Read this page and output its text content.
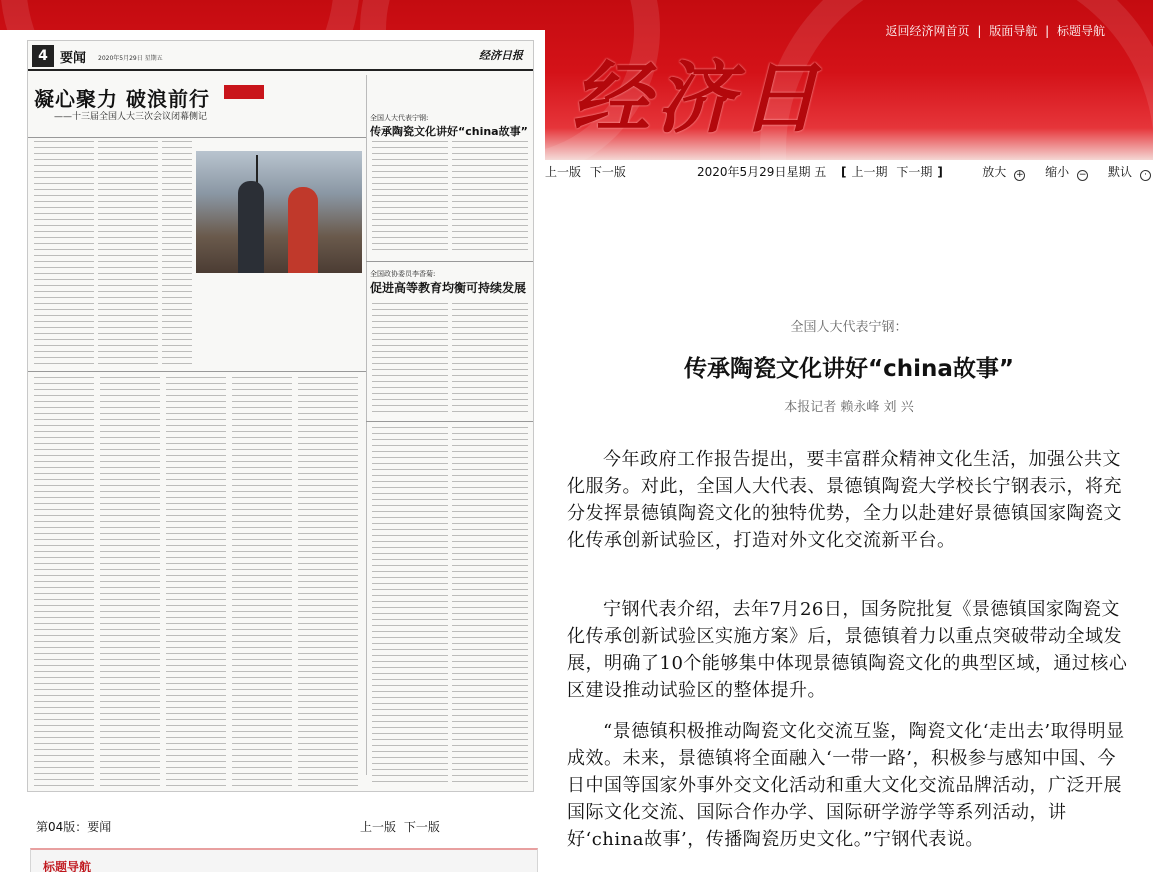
返回经济网首页 | 版面导航 | 标题导航
经济日
4 要闻 2020年5月29日 星期五	经济日报
凝心聚力 破浪前行
——十三届全国人大三次会议闭幕侧记	全国人大代表宁钢:
传承陶瓷文化讲好“china故事”
全国政协委员李香菊:
促进高等教育均衡可持续发展
第04版：要闻	上一版 下一版
标题导航
上一版 下一版	2020年5月29日星期 五 [ 上一期 下一期 ]	放大 + 缩小 − 默认 ·
全国人大代表宁钢：
传承陶瓷文化讲好“china故事”
本报记者 赖永峰 刘 兴

今年政府工作报告提出，要丰富群众精神文化生活，加强公共文化服务。对此，全国人大代表、景德镇陶瓷大学校长宁钢表示，将充分发挥景德镇陶瓷文化的独特优势，全力以赴建好景德镇国家陶瓷文化传承创新试验区，打造对外文化交流新平台。

宁钢代表介绍，去年7月26日，国务院批复《景德镇国家陶瓷文化传承创新试验区实施方案》后，景德镇着力以重点突破带动全域发展，明确了10个能够集中体现景德镇陶瓷文化的典型区域，通过核心区建设推动试验区的整体提升。

“景德镇积极推动陶瓷文化交流互鉴，陶瓷文化‘走出去’取得明显成效。未来，景德镇将全面融入‘一带一路’，积极参与感知中国、今日中国等国家外事外交文化活动和重大文化交流品牌活动，广泛开展国际文化交流、国际合作办学、国际研学游学等系列活动，讲好‘china故事’，传播陶瓷历史文化。”宁钢代表说。
